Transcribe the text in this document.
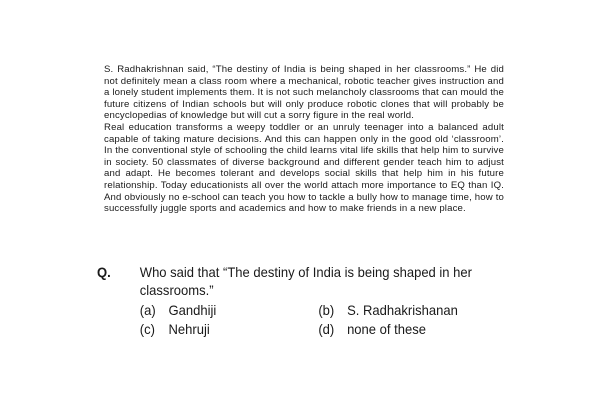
S. Radhakrishnan said, “The destiny of India is being shaped in her classrooms.” He did not definitely mean a class room where a mechanical, robotic teacher gives instruction and a lonely student implements them. It is not such melancholy classrooms that can mould the future citizens of Indian schools but will only produce robotic clones that will probably be encyclopedias of knowledge but will cut a sorry figure in the real world.

Real education transforms a weepy toddler or an unruly teenager into a balanced adult capable of taking mature decisions. And this can happen only in the good old ‘classroom’. In the conventional style of schooling the child learns vital life skills that help him to survive in society. 50 classmates of diverse background and different gender teach him to adjust and adapt. He becomes tolerant and develops social skills that help him in his future relationship. Today educationists all over the world attach more importance to EQ than IQ. And obviously no e-school can teach you how to tackle a bully how to manage time, how to successfully juggle sports and academics and how to make friends in a new place.

Q.	Who said that “The destiny of India is being shaped in her classrooms.”
(a) Gandhiji	(b) S. Radhakrishanan
(c) Nehruji	(d) none of these
